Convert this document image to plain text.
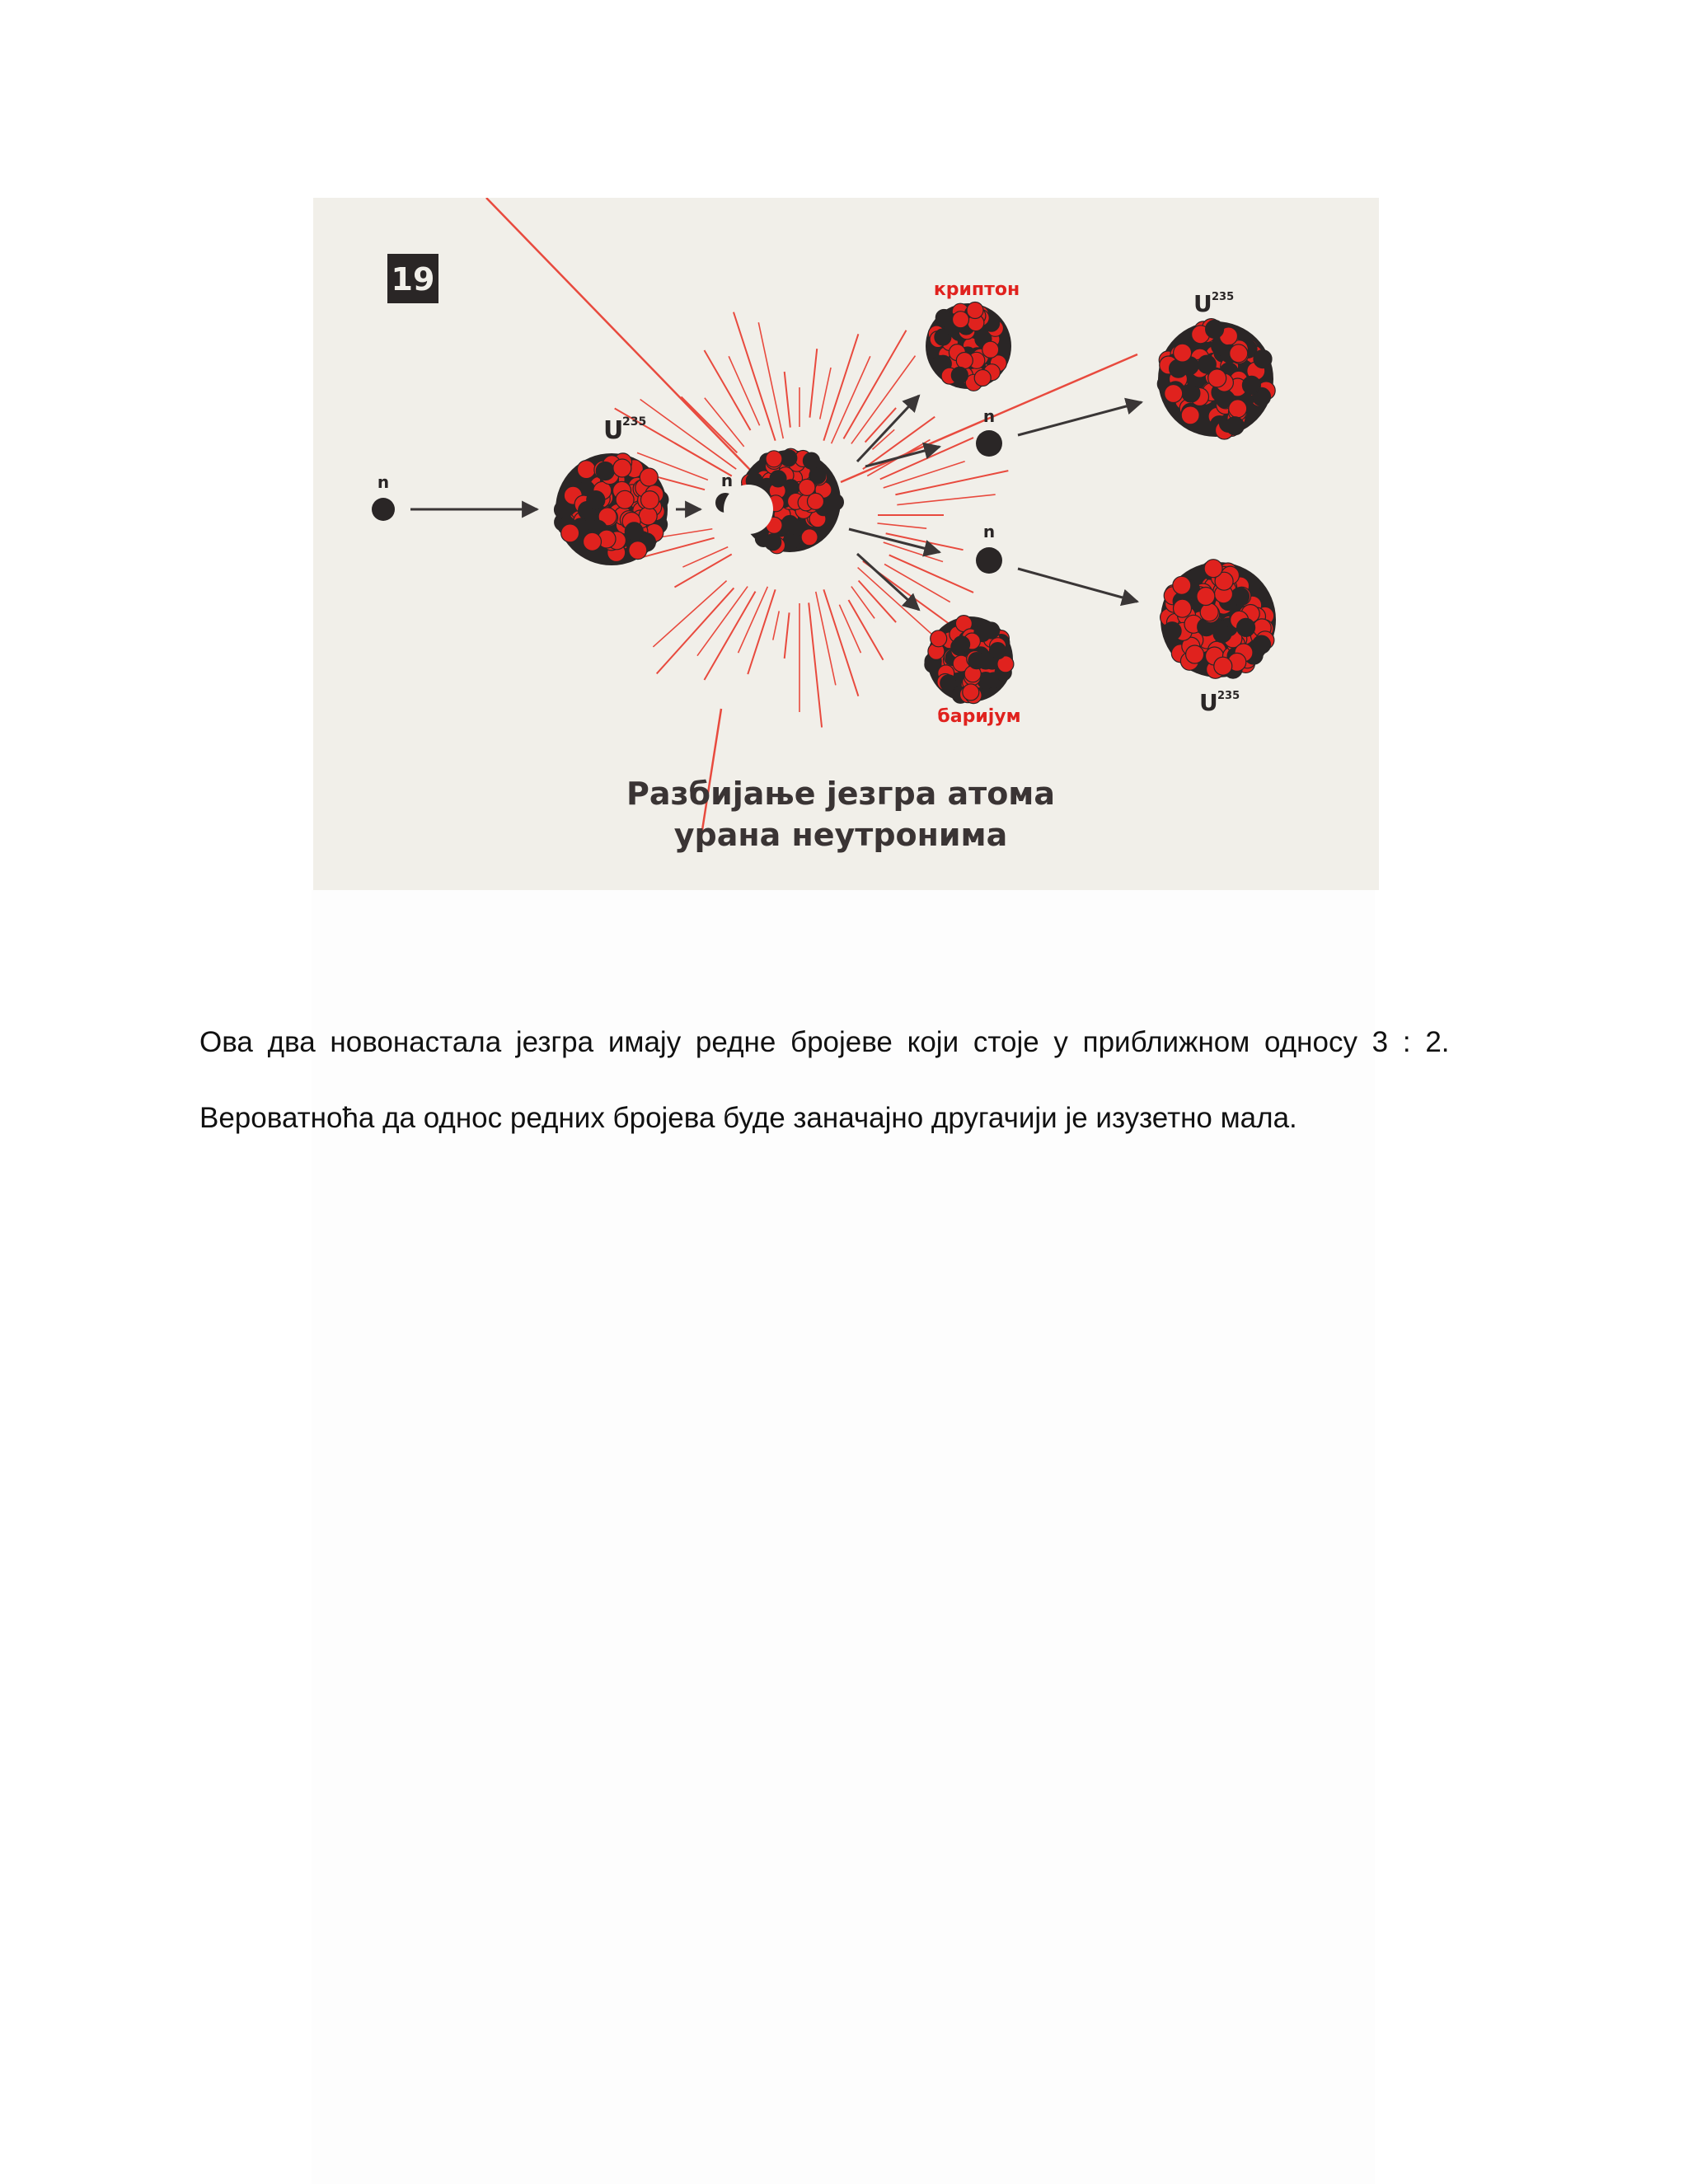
19
n
U
235
n
криптон
баријум
n
n
U 235
U 235
Разбијање језгра атома
урана неутронима
Ова два новонастала језгра имају редне бројеве који стоје у приближном односу 3 : 2.
Вероватноћа да однос редних бројева буде заначајно другачији је изузетно мала.
